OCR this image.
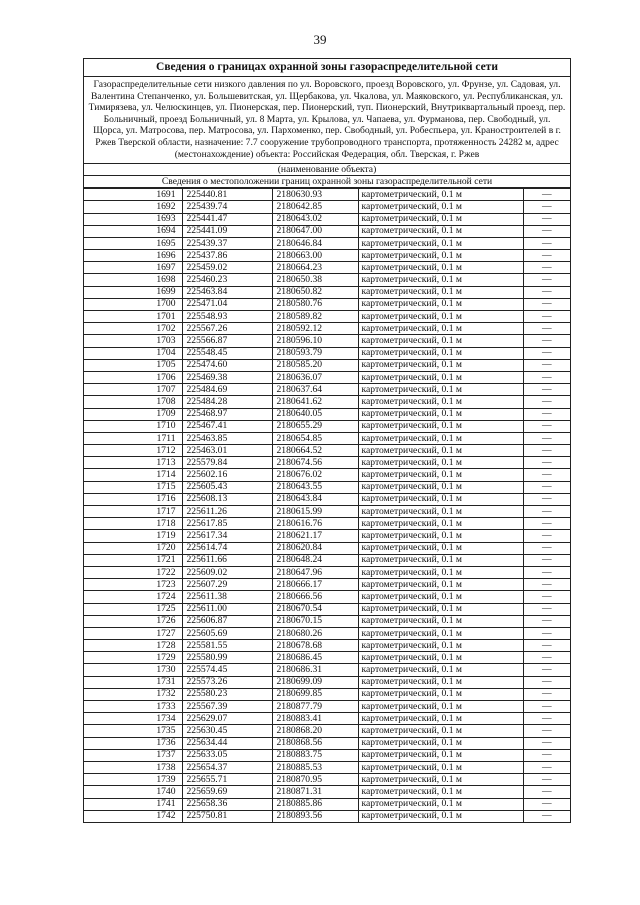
39
Сведения о границах охранной зоны газораспределительной сети
Газораспределительные сети низкого давления по ул. Воровского, проезд Воровского, ул. Фрунзе, ул. Садовая, ул. Валентина Степанченко, ул. Большевитская, ул. Щербакова, ул. Чкалова, ул. Маяковского, ул. Республиканская, ул. Тимирязева, ул. Челюскинцев, ул. Пионерская, пер. Пионерский, туп. Пионерский, Внутриквартальный проезд, пер. Больничный, проезд Больничный, ул. 8 Марта, ул. Крылова, ул. Чапаева, ул. Фурманова, пер. Свободный, ул. Щорса, ул. Матросова, пер. Матросова, ул. Пархоменко, пер. Свободный, ул. Робеспьера, ул. Краностроителей в г. Ржев Тверской области, назначение: 7.7 сооружение трубопроводного транспорта, протяженность 24282 м, адрес (местонахождение) объекта: Российская Федерация, обл. Тверская, г. Ржев
(наименование объекта)
Сведения о местоположении границ охранной зоны газораспределительной сети
1691	225440.81	2180630.93	картометрический, 0.1 м	—
1692	225439.74	2180642.85	картометрический, 0.1 м	—
1693	225441.47	2180643.02	картометрический, 0.1 м	—
1694	225441.09	2180647.00	картометрический, 0.1 м	—
1695	225439.37	2180646.84	картометрический, 0.1 м	—
1696	225437.86	2180663.00	картометрический, 0.1 м	—
1697	225459.02	2180664.23	картометрический, 0.1 м	—
1698	225460.23	2180650.38	картометрический, 0.1 м	—
1699	225463.84	2180650.82	картометрический, 0.1 м	—
1700	225471.04	2180580.76	картометрический, 0.1 м	—
1701	225548.93	2180589.82	картометрический, 0.1 м	—
1702	225567.26	2180592.12	картометрический, 0.1 м	—
1703	225566.87	2180596.10	картометрический, 0.1 м	—
1704	225548.45	2180593.79	картометрический, 0.1 м	—
1705	225474.60	2180585.20	картометрический, 0.1 м	—
1706	225469.38	2180636.07	картометрический, 0.1 м	—
1707	225484.69	2180637.64	картометрический, 0.1 м	—
1708	225484.28	2180641.62	картометрический, 0.1 м	—
1709	225468.97	2180640.05	картометрический, 0.1 м	—
1710	225467.41	2180655.29	картометрический, 0.1 м	—
1711	225463.85	2180654.85	картометрический, 0.1 м	—
1712	225463.01	2180664.52	картометрический, 0.1 м	—
1713	225579.84	2180674.56	картометрический, 0.1 м	—
1714	225602.16	2180676.02	картометрический, 0.1 м	—
1715	225605.43	2180643.55	картометрический, 0.1 м	—
1716	225608.13	2180643.84	картометрический, 0.1 м	—
1717	225611.26	2180615.99	картометрический, 0.1 м	—
1718	225617.85	2180616.76	картометрический, 0.1 м	—
1719	225617.34	2180621.17	картометрический, 0.1 м	—
1720	225614.74	2180620.84	картометрический, 0.1 м	—
1721	225611.66	2180648.24	картометрический, 0.1 м	—
1722	225609.02	2180647.96	картометрический, 0.1 м	—
1723	225607.29	2180666.17	картометрический, 0.1 м	—
1724	225611.38	2180666.56	картометрический, 0.1 м	—
1725	225611.00	2180670.54	картометрический, 0.1 м	—
1726	225606.87	2180670.15	картометрический, 0.1 м	—
1727	225605.69	2180680.26	картометрический, 0.1 м	—
1728	225581.55	2180678.68	картометрический, 0.1 м	—
1729	225580.99	2180686.45	картометрический, 0.1 м	—
1730	225574.45	2180686.31	картометрический, 0.1 м	—
1731	225573.26	2180699.09	картометрический, 0.1 м	—
1732	225580.23	2180699.85	картометрический, 0.1 м	—
1733	225567.39	2180877.79	картометрический, 0.1 м	—
1734	225629.07	2180883.41	картометрический, 0.1 м	—
1735	225630.45	2180868.20	картометрический, 0.1 м	—
1736	225634.44	2180868.56	картометрический, 0.1 м	—
1737	225633.05	2180883.75	картометрический, 0.1 м	—
1738	225654.37	2180885.53	картометрический, 0.1 м	—
1739	225655.71	2180870.95	картометрический, 0.1 м	—
1740	225659.69	2180871.31	картометрический, 0.1 м	—
1741	225658.36	2180885.86	картометрический, 0.1 м	—
1742	225750.81	2180893.56	картометрический, 0.1 м	—
